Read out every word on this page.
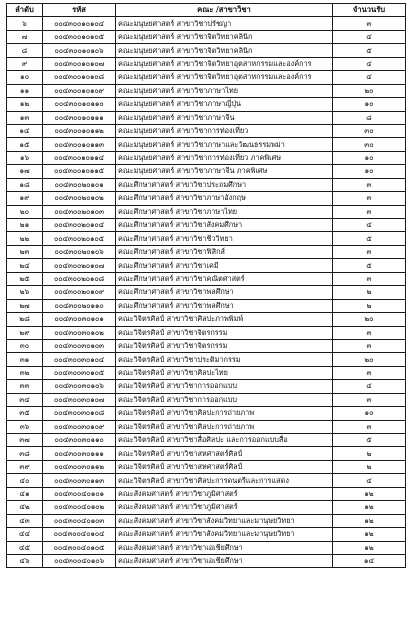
ลำดับ	รหัส	คณะ /สาขาวิชา	จำนวนรับ
๖	๐๐๔๓๐๐๑๐๑๐๔	คณะมนุษยศาสตร์ สาขาวิชาปรัชญา	๓
๗	๐๐๔๓๐๐๑๐๑๐๕	คณะมนุษยศาสตร์ สาขาวิชาจิตวิทยาคลินิก	๔
๘	๐๐๔๓๐๐๑๐๑๐๖	คณะมนุษยศาสตร์ สาขาวิชาจิตวิทยาคลินิก	๕
๙	๐๐๔๓๐๐๑๐๑๐๗	คณะมนุษยศาสตร์ สาขาวิชาจิตวิทยาอุตสาหกรรมและองค์การ	๔
๑๐	๐๐๔๓๐๐๑๐๑๐๘	คณะมนุษยศาสตร์ สาขาวิชาจิตวิทยาอุตสาหกรรมและองค์การ	๔
๑๑	๐๐๔๓๐๐๑๐๑๐๙	คณะมนุษยศาสตร์ สาขาวิชาภาษาไทย	๒๐
๑๒	๐๐๔๓๐๐๑๐๑๑๐	คณะมนุษยศาสตร์ สาขาวิชาภาษาญี่ปุ่น	๑๐
๑๓	๐๐๔๓๐๐๑๐๑๑๑	คณะมนุษยศาสตร์ สาขาวิชาภาษาจีน	๘
๑๔	๐๐๔๓๐๐๑๐๑๑๒	คณะมนุษยศาสตร์ สาขาวิชาการท่องเที่ยว	๓๐
๑๕	๐๐๔๓๐๐๑๐๑๑๓	คณะมนุษยศาสตร์ สาขาวิชาภาษาและวัฒนธรรมพม่า	๓๐
๑๖	๐๐๔๓๐๐๑๐๑๑๔	คณะมนุษยศาสตร์ สาขาวิชาการท่องเที่ยว ภาคพิเศษ	๑๐
๑๗	๐๐๔๓๐๐๑๐๑๑๕	คณะมนุษยศาสตร์ สาขาวิชาภาษาจีน ภาคพิเศษ	๑๐
๑๘	๐๐๔๓๐๐๒๐๑๐๑	คณะศึกษาศาสตร์ สาขาวิชาประถมศึกษา	๓
๑๙	๐๐๔๓๐๐๒๐๑๐๒	คณะศึกษาศาสตร์ สาขาวิชาภาษาอังกฤษ	๓
๒๐	๐๐๔๓๐๐๒๐๑๐๓	คณะศึกษาศาสตร์ สาขาวิชาภาษาไทย	๓
๒๑	๐๐๔๓๐๐๒๐๑๐๔	คณะศึกษาศาสตร์ สาขาวิชาสังคมศึกษา	๔
๒๒	๐๐๔๓๐๐๒๐๑๐๕	คณะศึกษาศาสตร์ สาขาวิชาชีววิทยา	๕
๒๓	๐๐๔๓๐๐๒๐๑๐๖	คณะศึกษาศาสตร์ สาขาวิชาฟิสิกส์	๓
๒๔	๐๐๔๓๐๐๒๐๑๐๗	คณะศึกษาศาสตร์ สาขาวิชาเคมี	๕
๒๕	๐๐๔๓๐๐๒๐๑๐๘	คณะศึกษาศาสตร์ สาขาวิชาคณิตศาสตร์	๓
๒๖	๐๐๔๓๐๐๒๐๑๐๙	คณะศึกษาศาสตร์ สาขาวิชาพลศึกษา	๒
๒๗	๐๐๔๓๐๐๒๐๑๑๐	คณะศึกษาศาสตร์ สาขาวิชาพลศึกษา	๒
๒๘	๐๐๔๓๐๐๓๐๑๐๑	คณะวิจิตรศิลป์ สาขาวิชาศิลปะภาพพิมพ์	๒๐
๒๙	๐๐๔๓๐๐๓๐๑๐๒	คณะวิจิตรศิลป์ สาขาวิชาจิตรกรรม	๓
๓๐	๐๐๔๓๐๐๓๐๑๐๓	คณะวิจิตรศิลป์ สาขาวิชาจิตรกรรม	๓
๓๑	๐๐๔๓๐๐๓๐๑๐๔	คณะวิจิตรศิลป์ สาขาวิชาประติมากรรม	๒๐
๓๒	๐๐๔๓๐๐๓๐๑๐๕	คณะวิจิตรศิลป์ สาขาวิชาศิลปะไทย	๓
๓๓	๐๐๔๓๐๐๓๐๑๐๖	คณะวิจิตรศิลป์ สาขาวิชาการออกแบบ	๔
๓๔	๐๐๔๓๐๐๓๐๑๐๗	คณะวิจิตรศิลป์ สาขาวิชาการออกแบบ	๓
๓๕	๐๐๔๓๐๐๓๐๑๐๘	คณะวิจิตรศิลป์ สาขาวิชาศิลปะการถ่ายภาพ	๑๐
๓๖	๐๐๔๓๐๐๓๐๑๐๙	คณะวิจิตรศิลป์ สาขาวิชาศิลปะการถ่ายภาพ	๓
๓๗	๐๐๔๓๐๐๓๐๑๑๐	คณะวิจิตรศิลป์ สาขาวิชาสื่อศิลปะ และการออกแบบสื่อ	๕
๓๘	๐๐๔๓๐๐๓๐๑๑๑	คณะวิจิตรศิลป์ สาขาวิชาสหศาสตร์ศิลป์	๒
๓๙	๐๐๔๓๐๐๓๐๑๑๒	คณะวิจิตรศิลป์ สาขาวิชาสหศาสตร์ศิลป์	๒
๔๐	๐๐๔๓๐๐๓๐๑๑๓	คณะวิจิตรศิลป์ สาขาวิชาศิลปะการดนตรีและการแสดง	๔
๔๑	๐๐๔๓๐๐๔๐๑๐๑	คณะสังคมศาสตร์ สาขาวิชาภูมิศาสตร์	๑๒
๔๒	๐๐๔๓๐๐๔๐๑๐๒	คณะสังคมศาสตร์ สาขาวิชาภูมิศาสตร์	๑๒
๔๓	๐๐๔๓๐๐๔๐๑๐๓	คณะสังคมศาสตร์ สาขาวิชาสังคมวิทยาและมานุษยวิทยา	๑๒
๔๔	๐๐๔๓๐๐๔๐๑๐๔	คณะสังคมศาสตร์ สาขาวิชาสังคมวิทยาและมานุษยวิทยา	๑๒
๔๕	๐๐๔๓๐๐๔๐๑๐๕	คณะสังคมศาสตร์ สาขาวิชาเอเชียศึกษา	๑๒
๔๖	๐๐๔๓๐๐๔๐๑๐๖	คณะสังคมศาสตร์ สาขาวิชาเอเชียศึกษา	๑๔
